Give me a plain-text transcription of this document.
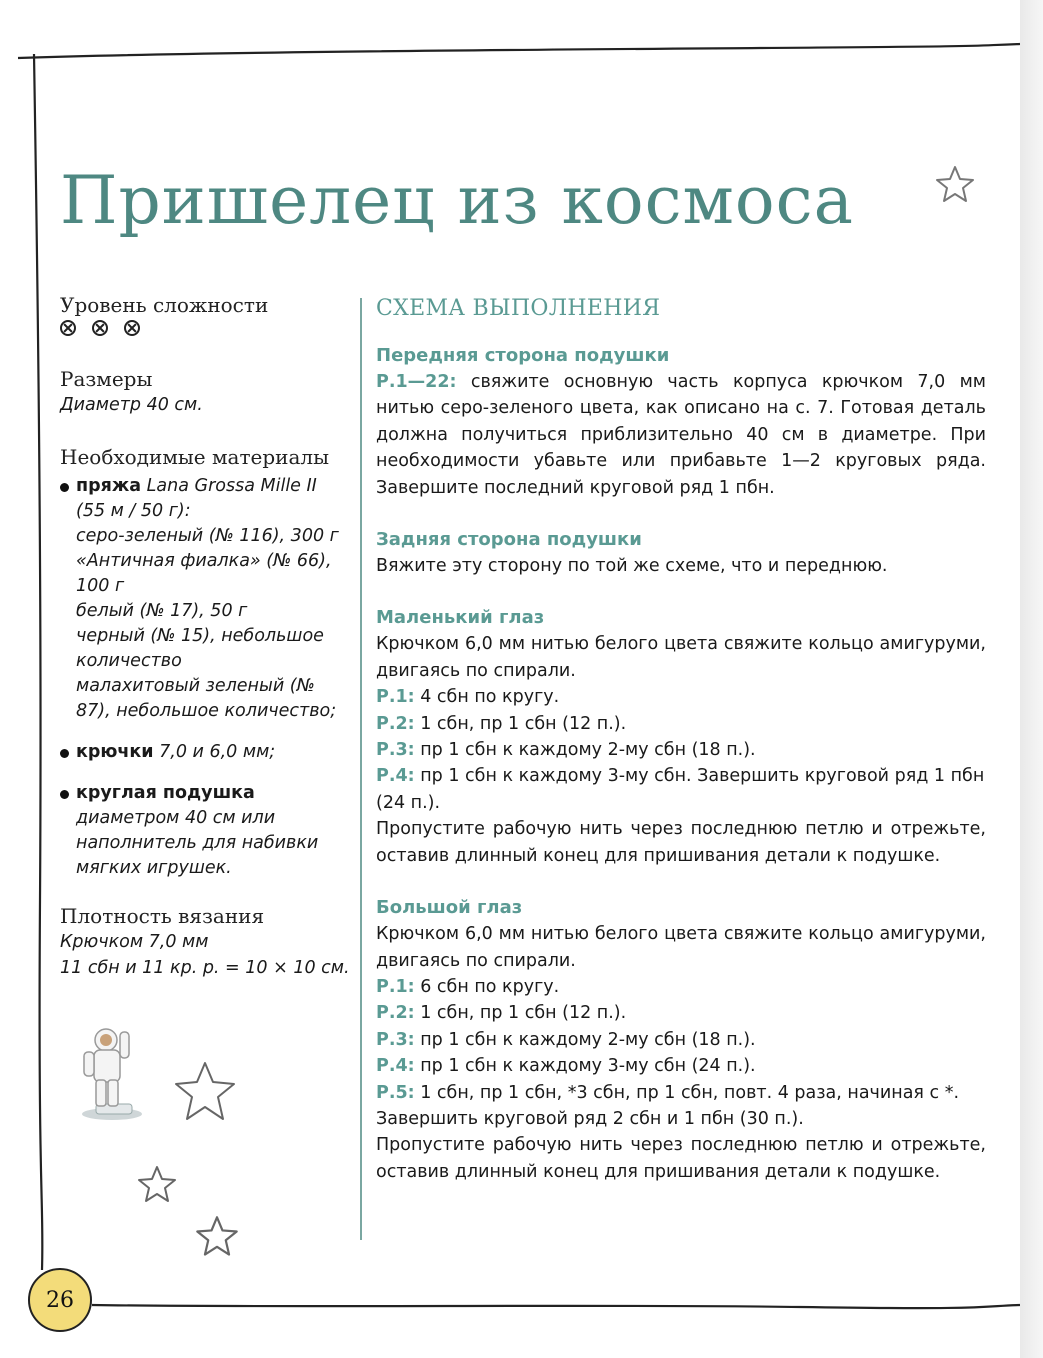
Пришелец из космоса

Уровень сложности

Размеры

Диаметр 40 см.

Необходимые материалы

пряжа Lana Grossa Mille II (55 м / 50 г):
серо-зеленый (№ 116), 300 г
«Античная фиалка» (№ 66), 100 г
белый (№ 17), 50 г
черный (№ 15), небольшое количество
малахитовый зеленый (№ 87), небольшое количество;
крючки 7,0 и 6,0 мм;
круглая подушка диаметром 40 см или наполнитель для набивки мягких игрушек.

Плотность вязания

Крючком 7,0 мм

11 сбн и 11 кр. р. = 10 × 10 см.

СХЕМА ВЫПОЛНЕНИЯ

Передняя сторона подушки

Р.1—22: свяжите основную часть корпуса крючком 7,0 мм нитью серо-зеленого цвета, как описано на с. 7. Готовая деталь должна получиться приблизительно 40 см в диаметре. При необходимости убавьте или прибавьте 1—2 круговых ряда. Завершите последний круговой ряд 1 пбн.

Задняя сторона подушки

Вяжите эту сторону по той же схеме, что и переднюю.

Маленький глаз

Крючком 6,0 мм нитью белого цвета свяжите кольцо амигуруми, двигаясь по спирали.

Р.1: 4 сбн по кругу.

Р.2: 1 сбн, пр 1 сбн (12 п.).

Р.3: пр 1 сбн к каждому 2-му сбн (18 п.).

Р.4: пр 1 сбн к каждому 3-му сбн. Завершить круговой ряд 1 пбн (24 п.).

Пропустите рабочую нить через последнюю петлю и отрежьте, оставив длинный конец для пришивания детали к подушке.

Большой глаз

Крючком 6,0 мм нитью белого цвета свяжите кольцо амигуруми, двигаясь по спирали.

Р.1: 6 сбн по кругу.

Р.2: 1 сбн, пр 1 сбн (12 п.).

Р.3: пр 1 сбн к каждому 2-му сбн (18 п.).

Р.4: пр 1 сбн к каждому 3-му сбн (24 п.).

Р.5: 1 сбн, пр 1 сбн, *3 сбн, пр 1 сбн, повт. 4 раза, начиная с *. Завершить круговой ряд 2 сбн и 1 пбн (30 п.).

Пропустите рабочую нить через последнюю петлю и отрежьте, оставив длинный конец для пришивания детали к подушке.

26
